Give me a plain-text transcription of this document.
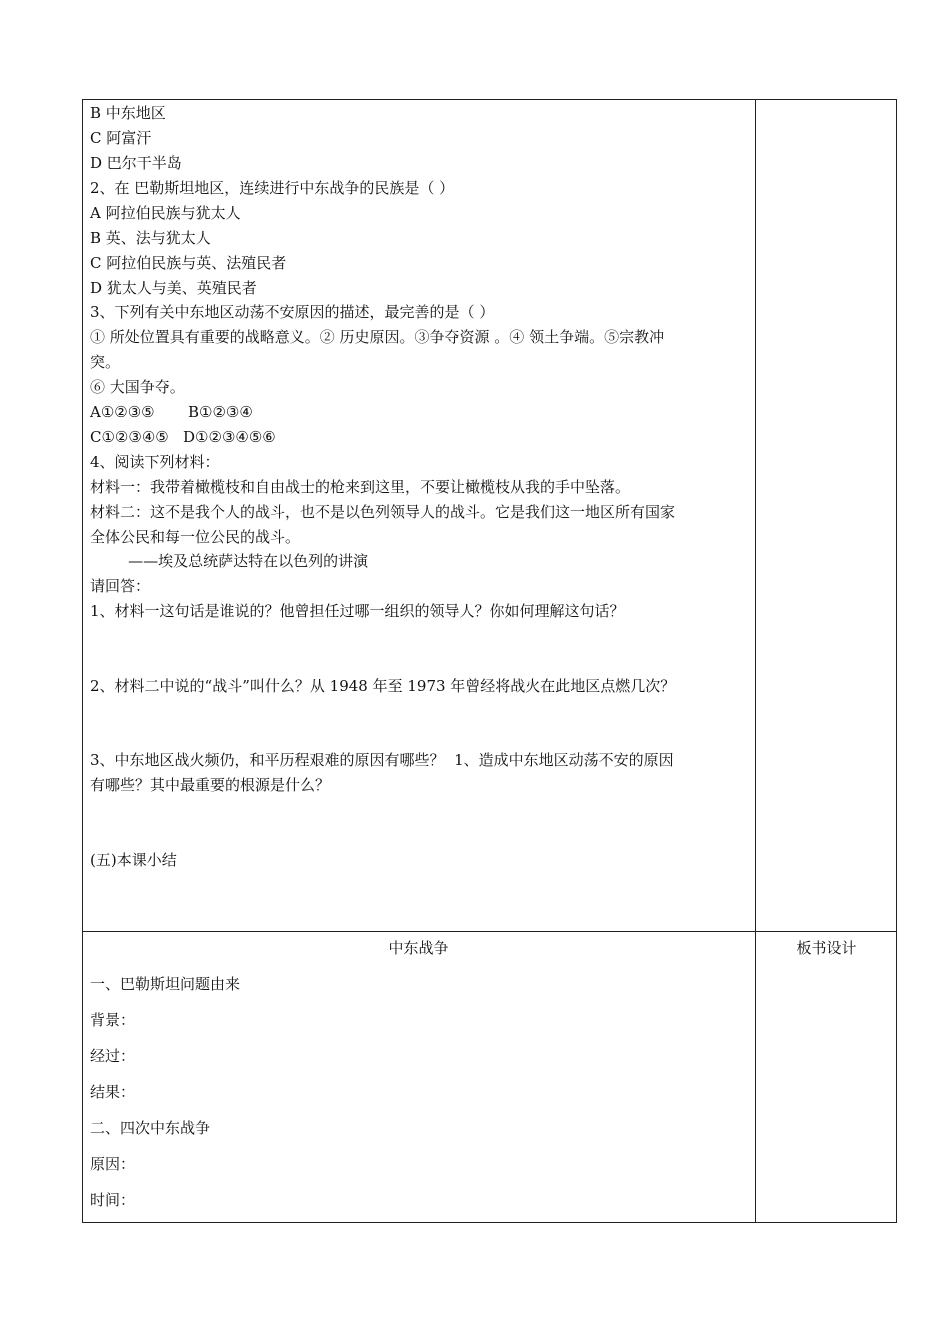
B 中东地区
C 阿富汗
D 巴尔干半岛
2、在 巴勒斯坦地区，连续进行中东战争的民族是（ ）
A 阿拉伯民族与犹太人
B 英、法与犹太人
C 阿拉伯民族与英、法殖民者
D 犹太人与美、英殖民者
3、下列有关中东地区动荡不安原因的描述，最完善的是（ ）
① 所处位置具有重要的战略意义。② 历史原因。③争夺资源 。④ 领土争端。⑤宗教冲
突。
⑥ 大国争夺。
A①②③⑤       B①②③④
C①②③④⑤   D①②③④⑤⑥
4、阅读下列材料：
材料一：我带着橄榄枝和自由战士的枪来到这里，不要让橄榄枝从我的手中坠落。
材料二：这不是我个人的战斗，也不是以色列领导人的战斗。它是我们这一地区所有国家
全体公民和每一位公民的战斗。
——埃及总统萨达特在以色列的讲演
请回答：
1、材料一这句话是谁说的？他曾担任过哪一组织的领导人？你如何理解这句话？
2、材料二中说的“战斗”叫什么？从 1948 年至 1973 年曾经将战火在此地区点燃几次？
3、中东地区战火频仍，和平历程艰难的原因有哪些？  1、造成中东地区动荡不安的原因
有哪些？其中最重要的根源是什么？
(五)本课小结
中东战争	板书设计
一、巴勒斯坦问题由来
背景：
经过：
结果：
二、四次中东战争
原因：
时间：
